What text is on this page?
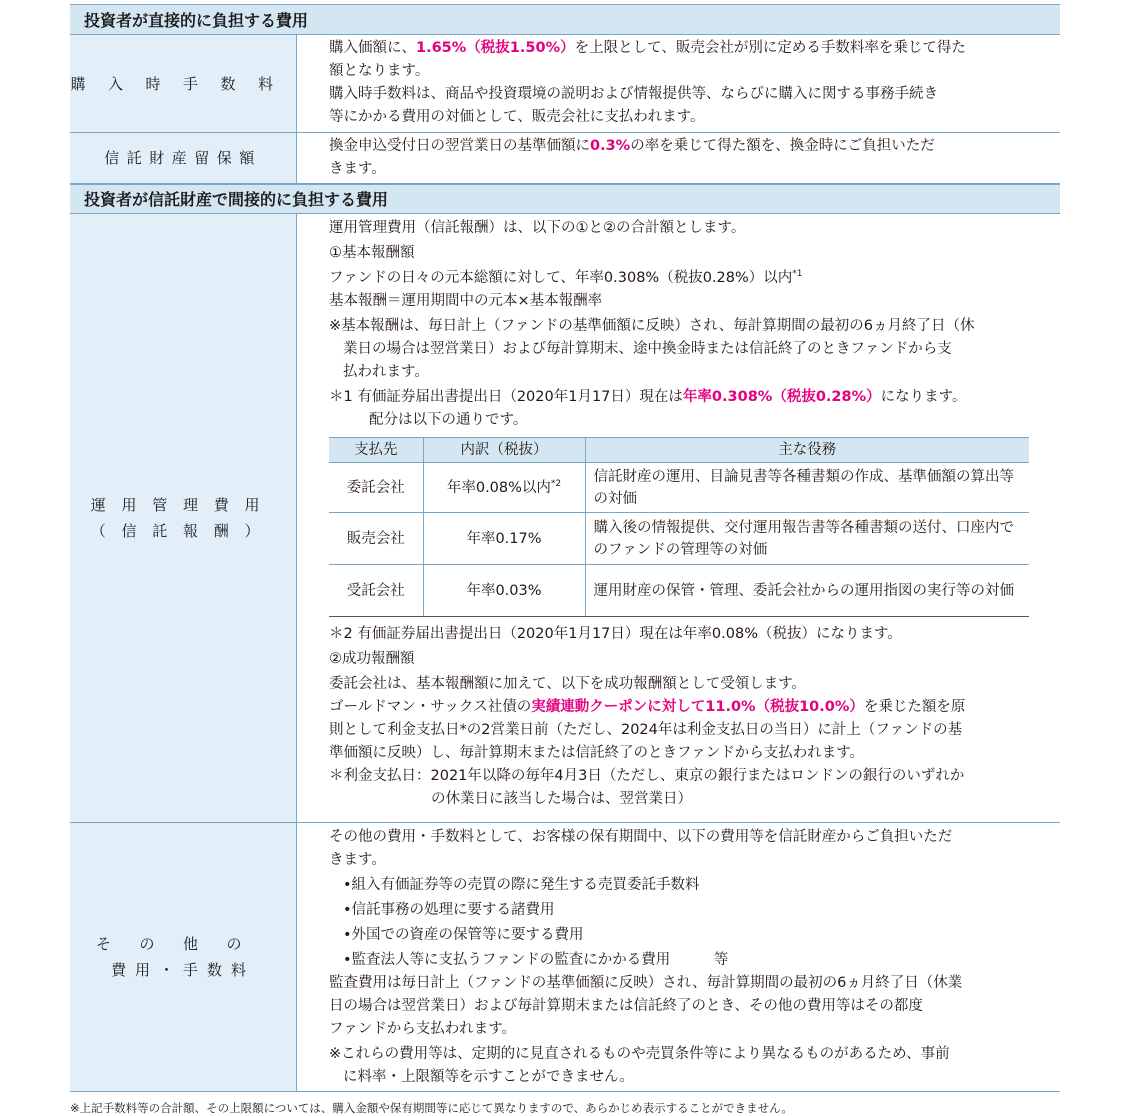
投資者が直接的に負担する費用
購入時手数料

購入価額に、1.65%（税抜1.50%）を上限として、販売会社が別に定める手数料率を乗じて得た

額となります。

購入時手数料は、商品や投資環境の説明および情報提供等、ならびに購入に関する事務手続き

等にかかる費用の対価として、販売会社に支払われます。

信託財産留保額

換金申込受付日の翌営業日の基準価額に0.3%の率を乗じて得た額を、換金時にご負担いただ

きます。

投資者が信託財産で間接的に負担する費用
運用管理費用
（信託報酬）

運用管理費用（信託報酬）は、以下の①と②の合計額とします。

①基本報酬額

ファンドの日々の元本総額に対して、年率0.308%（税抜0.28%）以内$^{*1}$

基本報酬＝運用期間中の元本×基本報酬率

※基本報酬は、毎日計上（ファンドの基準価額に反映）され、毎計算期間の最初の6ヵ月終了日（休

業日の場合は翌営業日）および毎計算期末、途中換金時または信託終了のときファンドから支

払われます。

＊1 有価証券届出書提出日（2020年1月17日）現在は年率0.308%（税抜0.28%）になります。

配分は以下の通りです。

支払先	内訳（税抜）	主な役務
委託会社	年率0.08%以内$^{*2}$	信託財産の運用、目論見書等各種書類の作成、基準価額の算出等の対価
販売会社	年率0.17%	購入後の情報提供、交付運用報告書等各種書類の送付、口座内でのファンドの管理等の対価
受託会社	年率0.03%	運用財産の保管・管理、委託会社からの運用指図の実行等の対価

＊2 有価証券届出書提出日（2020年1月17日）現在は年率0.08%（税抜）になります。

②成功報酬額

委託会社は、基本報酬額に加えて、以下を成功報酬額として受領します。

ゴールドマン・サックス社債の実績連動クーポンに対して11.0%（税抜10.0%）を乗じた額を原

則として利金支払日*の2営業日前（ただし、2024年は利金支払日の当日）に計上（ファンドの基

準価額に反映）し、毎計算期末または信託終了のときファンドから支払われます。

＊利金支払日：2021年以降の毎年4月3日（ただし、東京の銀行またはロンドンの銀行のいずれか

の休業日に該当した場合は、翌営業日）

その他の
費用・手数料

その他の費用・手数料として、お客様の保有期間中、以下の費用等を信託財産からご負担いただ

きます。

•組入有価証券等の売買の際に発生する売買委託手数料

•信託事務の処理に要する諸費用

•外国での資産の保管等に要する費用

•監査法人等に支払うファンドの監査にかかる費用　　　等

監査費用は毎日計上（ファンドの基準価額に反映）され、毎計算期間の最初の6ヵ月終了日（休業

日の場合は翌営業日）および毎計算期末または信託終了のとき、その他の費用等はその都度

ファンドから支払われます。

※これらの費用等は、定期的に見直されるものや売買条件等により異なるものがあるため、事前

に料率・上限額等を示すことができません。

※上記手数料等の合計額、その上限額については、購入金額や保有期間等に応じて異なりますので、あらかじめ表示することができません。
